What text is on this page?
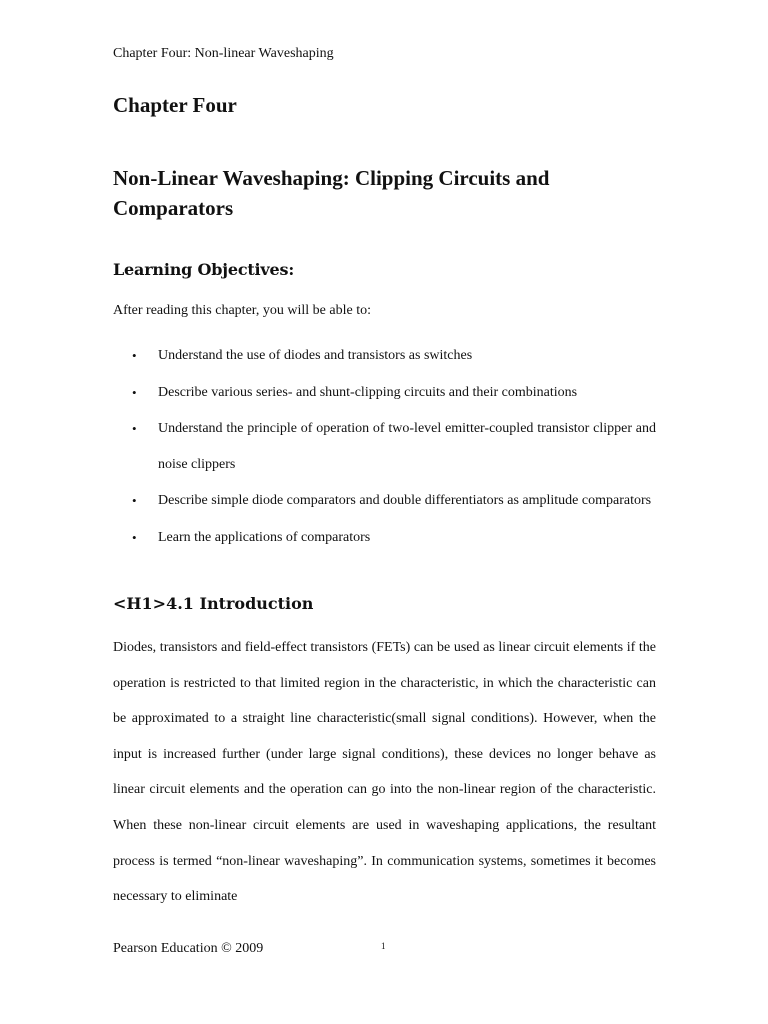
Chapter Four: Non-linear Waveshaping
Chapter Four
Non-Linear Waveshaping: Clipping Circuits and Comparators
Learning Objectives:
After reading this chapter, you will be able to:
• Understand the use of diodes and transistors as switches
• Describe various series- and shunt-clipping circuits and their combinations
• Understand the principle of operation of two-level emitter-coupled transistor clipper and noise clippers
• Describe simple diode comparators and double differentiators as amplitude comparators
• Learn the applications of comparators
<H1>4.1 Introduction

Diodes, transistors and field-effect transistors (FETs) can be used as linear circuit elements if the operation is restricted to that limited region in the characteristic, in which the characteristic can be approximated to a straight line characteristic(small signal conditions). However, when the input is increased further (under large signal conditions), these devices no longer behave as linear circuit elements and the operation can go into the non-linear region of the characteristic. When these non-linear circuit elements are used in waveshaping applications, the resultant process is termed “non-linear waveshaping”. In communication systems, sometimes it becomes necessary to eliminate

Pearson Education © 2009	1
